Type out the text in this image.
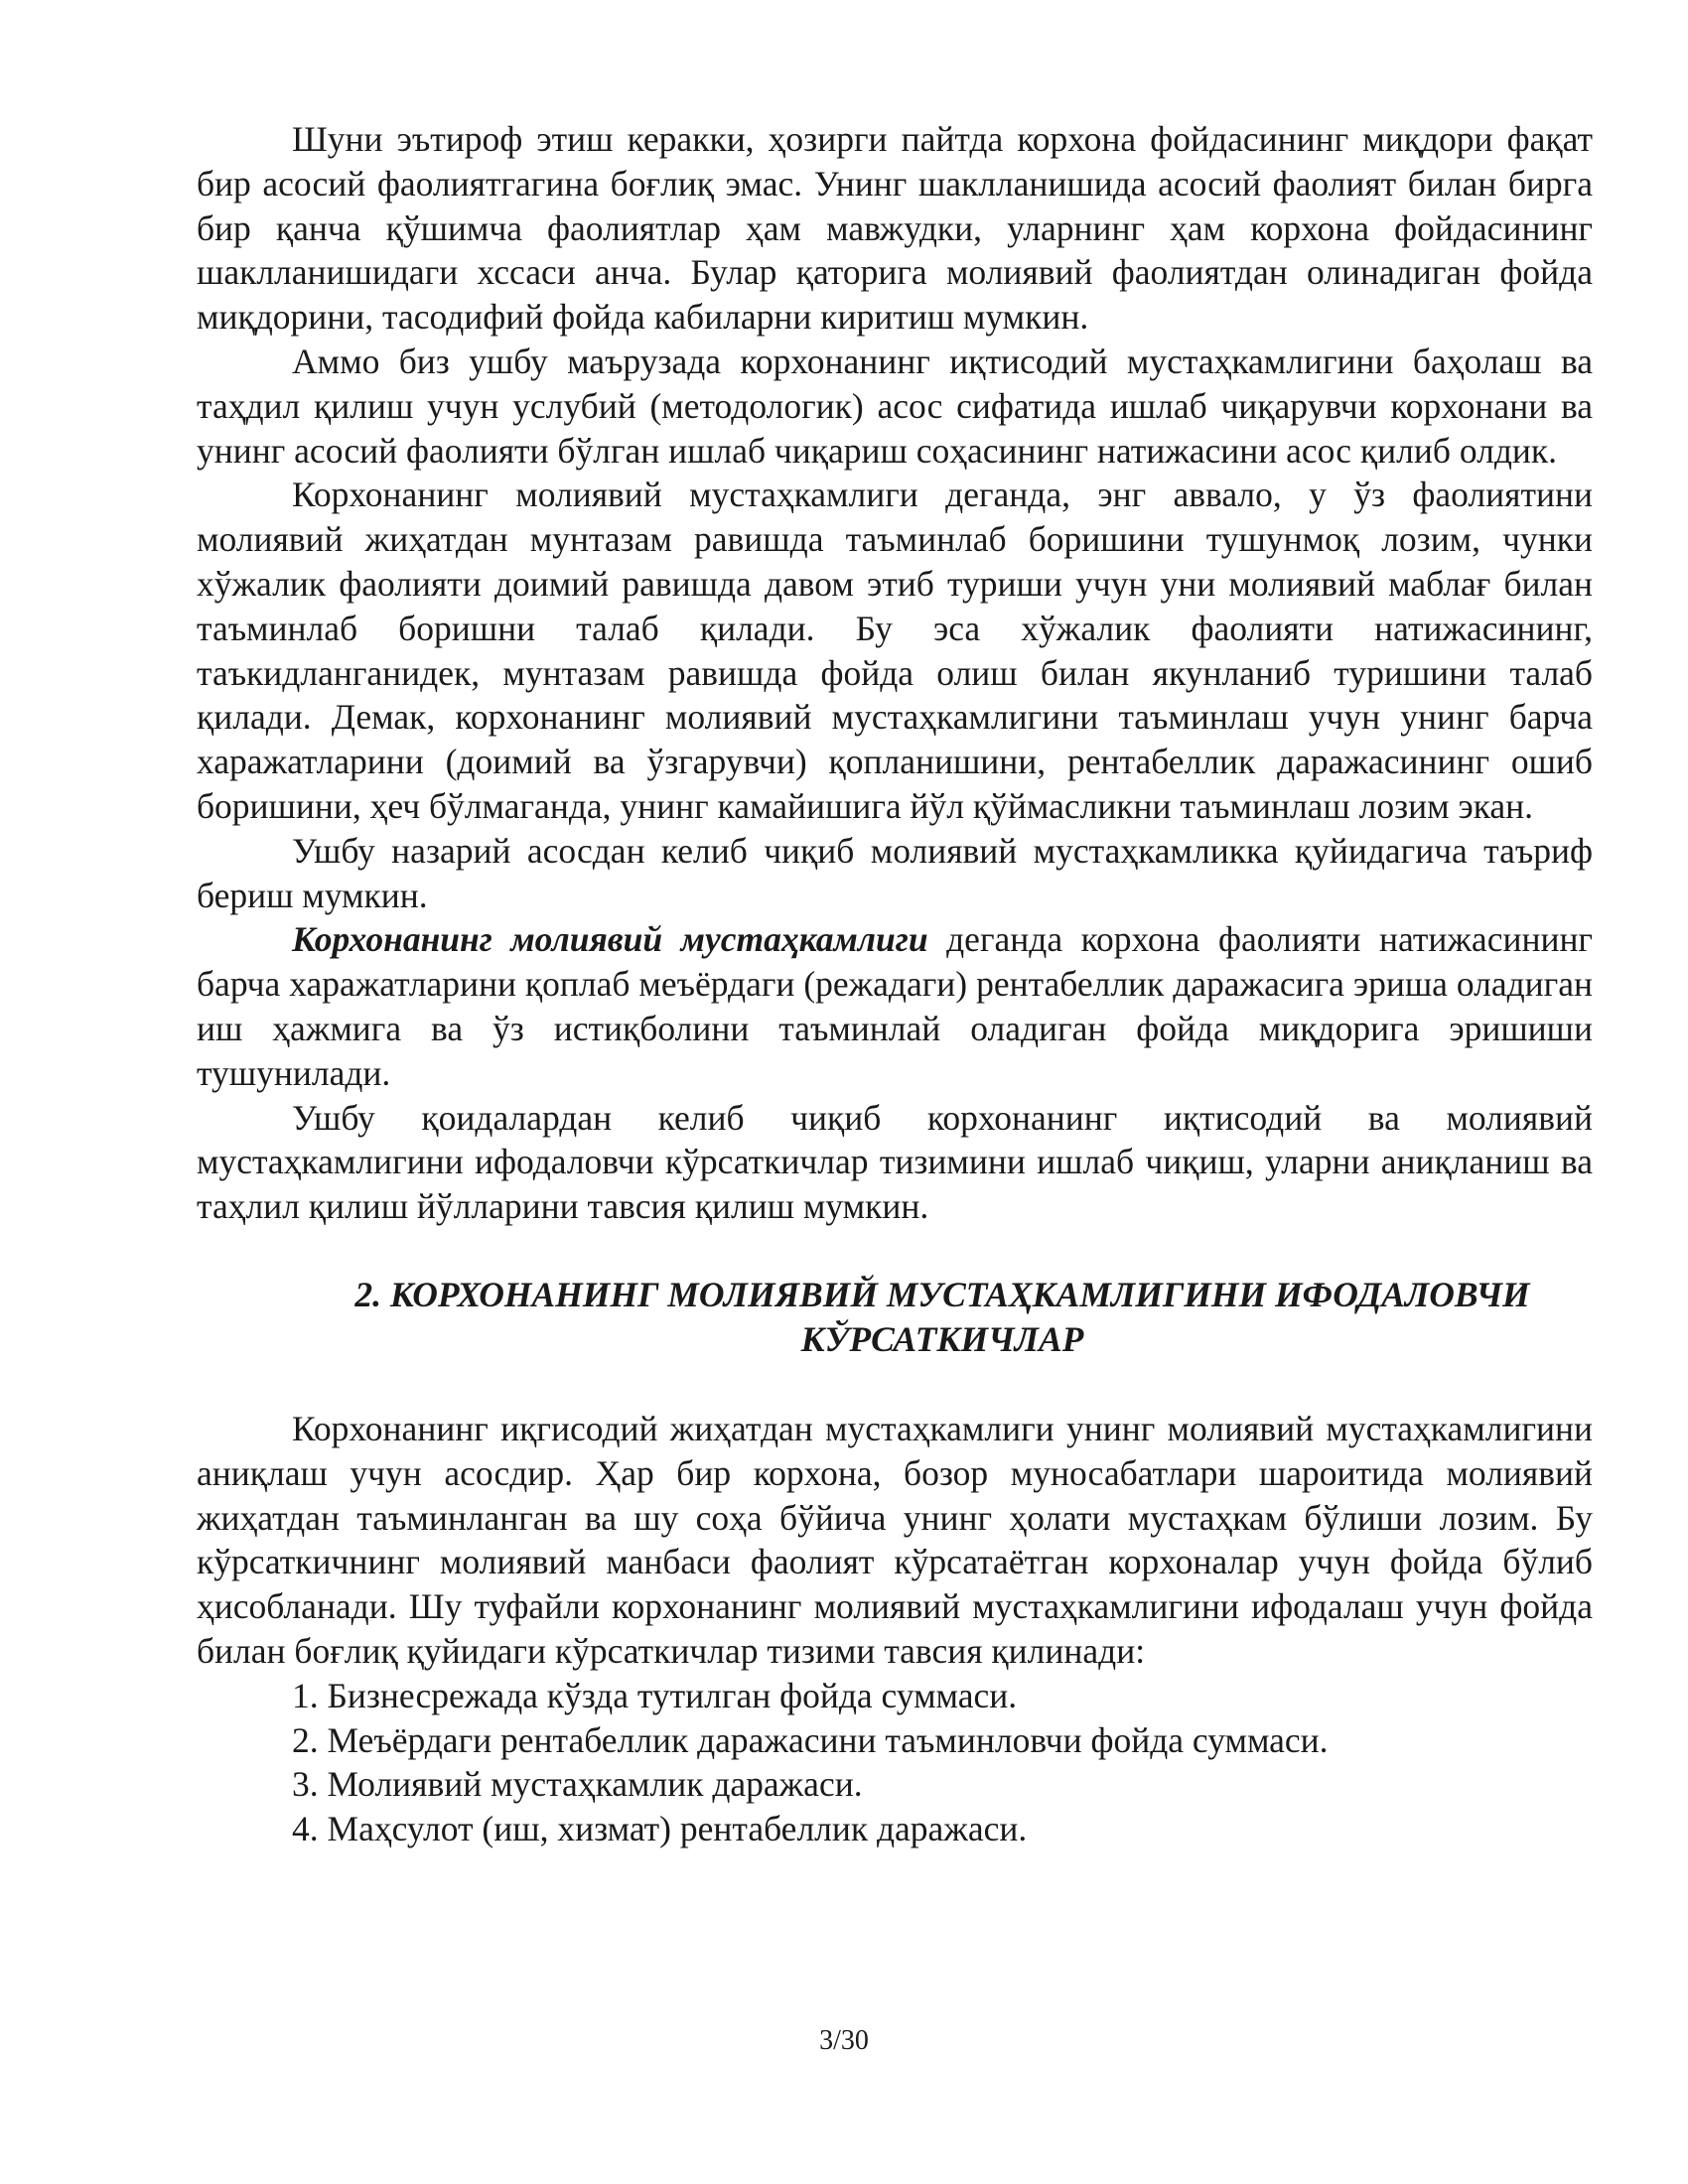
Шуни эътироф этиш керакки, ҳозирги пайтда корхона фойдасининг миқдори фақат бир асосий фаолиятгагина боғлиқ эмас. Унинг шаклланишида асосий фаолият билан бирга бир қанча қўшимча фаолиятлар ҳам мавжудки, уларнинг ҳам корхона фойдасининг шаклланишидаги хссаси анча. Булар қаторига молиявий фаолиятдан олинадиган фойда миқдорини, тасодифий фойда кабиларни киритиш мумкин.

Аммо биз ушбу маърузада корхонанинг иқтисодий мустаҳкамлигини баҳолаш ва таҳдил қилиш учун услубий (методологик) асос сифатида ишлаб чиқарувчи корхонани ва унинг асосий фаолияти бўлган ишлаб чиқариш соҳасининг натижасини асос қилиб олдик.

Корхонанинг молиявий мустаҳкамлиги деганда, энг аввало, у ўз фаолиятини молиявий жиҳатдан мунтазам равишда таъминлаб боришини тушунмоқ лозим, чунки хўжалик фаолияти доимий равишда давом этиб туриши учун уни молиявий маблағ билан таъминлаб боришни талаб қилади. Бу эса хўжалик фаолияти натижасининг, таъкидланганидек, мунтазам равишда фойда олиш билан якунланиб туришини талаб қилади. Демак, корхонанинг молиявий мустаҳкамлигини таъминлаш учун унинг барча харажатларини (доимий ва ўзгарувчи) қопланишини, рентабеллик даражасининг ошиб боришини, ҳеч бўлмаганда, унинг камайишига йўл қўймасликни таъминлаш лозим экан.

Ушбу назарий асосдан келиб чиқиб молиявий мустаҳкамликка қуйидагича таъриф бериш мумкин.

Корхонанинг молиявий мустаҳкамлиги деганда корхона фаолияти натижасининг барча харажатларини қоплаб меъёрдаги (режадаги) рентабеллик даражасига эриша оладиган иш ҳажмига ва ўз истиқболини таъминлай оладиган фойда миқдорига эришиши тушунилади.

Ушбу қоидалардан келиб чиқиб корхонанинг иқтисодий ва молиявий мустаҳкамлигини ифодаловчи кўрсаткичлар тизимини ишлаб чиқиш, уларни аниқланиш ва таҳлил қилиш йўлларини тавсия қилиш мумкин.

2. КОРХОНАНИНГ МОЛИЯВИЙ МУСТАҲКАМЛИГИНИ ИФОДАЛОВЧИ
КЎРСАТКИЧЛАР

Корхонанинг иқгисодий жиҳатдан мустаҳкамлиги унинг молиявий мустаҳкамлигини аниқлаш учун асосдир. Ҳар бир корхона, бозор муносабатлари шароитида молиявий жиҳатдан таъминланган ва шу соҳа бўйича унинг ҳолати мустаҳкам бўлиши лозим. Бу кўрсаткичнинг молиявий манбаси фаолият кўрсатаётган корхоналар учун фойда бўлиб ҳисобланади. Шу туфайли корхонанинг молиявий мустаҳкамлигини ифодалаш учун фойда билан боғлиқ қуйидаги кўрсаткичлар тизими тавсия қилинади:

1. Бизнесрежада кўзда тутилган фойда суммаси.
2. Меъёрдаги рентабеллик даражасини таъминловчи фойда суммаси.
3. Молиявий мустаҳкамлик даражаси.
4. Маҳсулот (иш, хизмат) рентабеллик даражаси.
3/30
